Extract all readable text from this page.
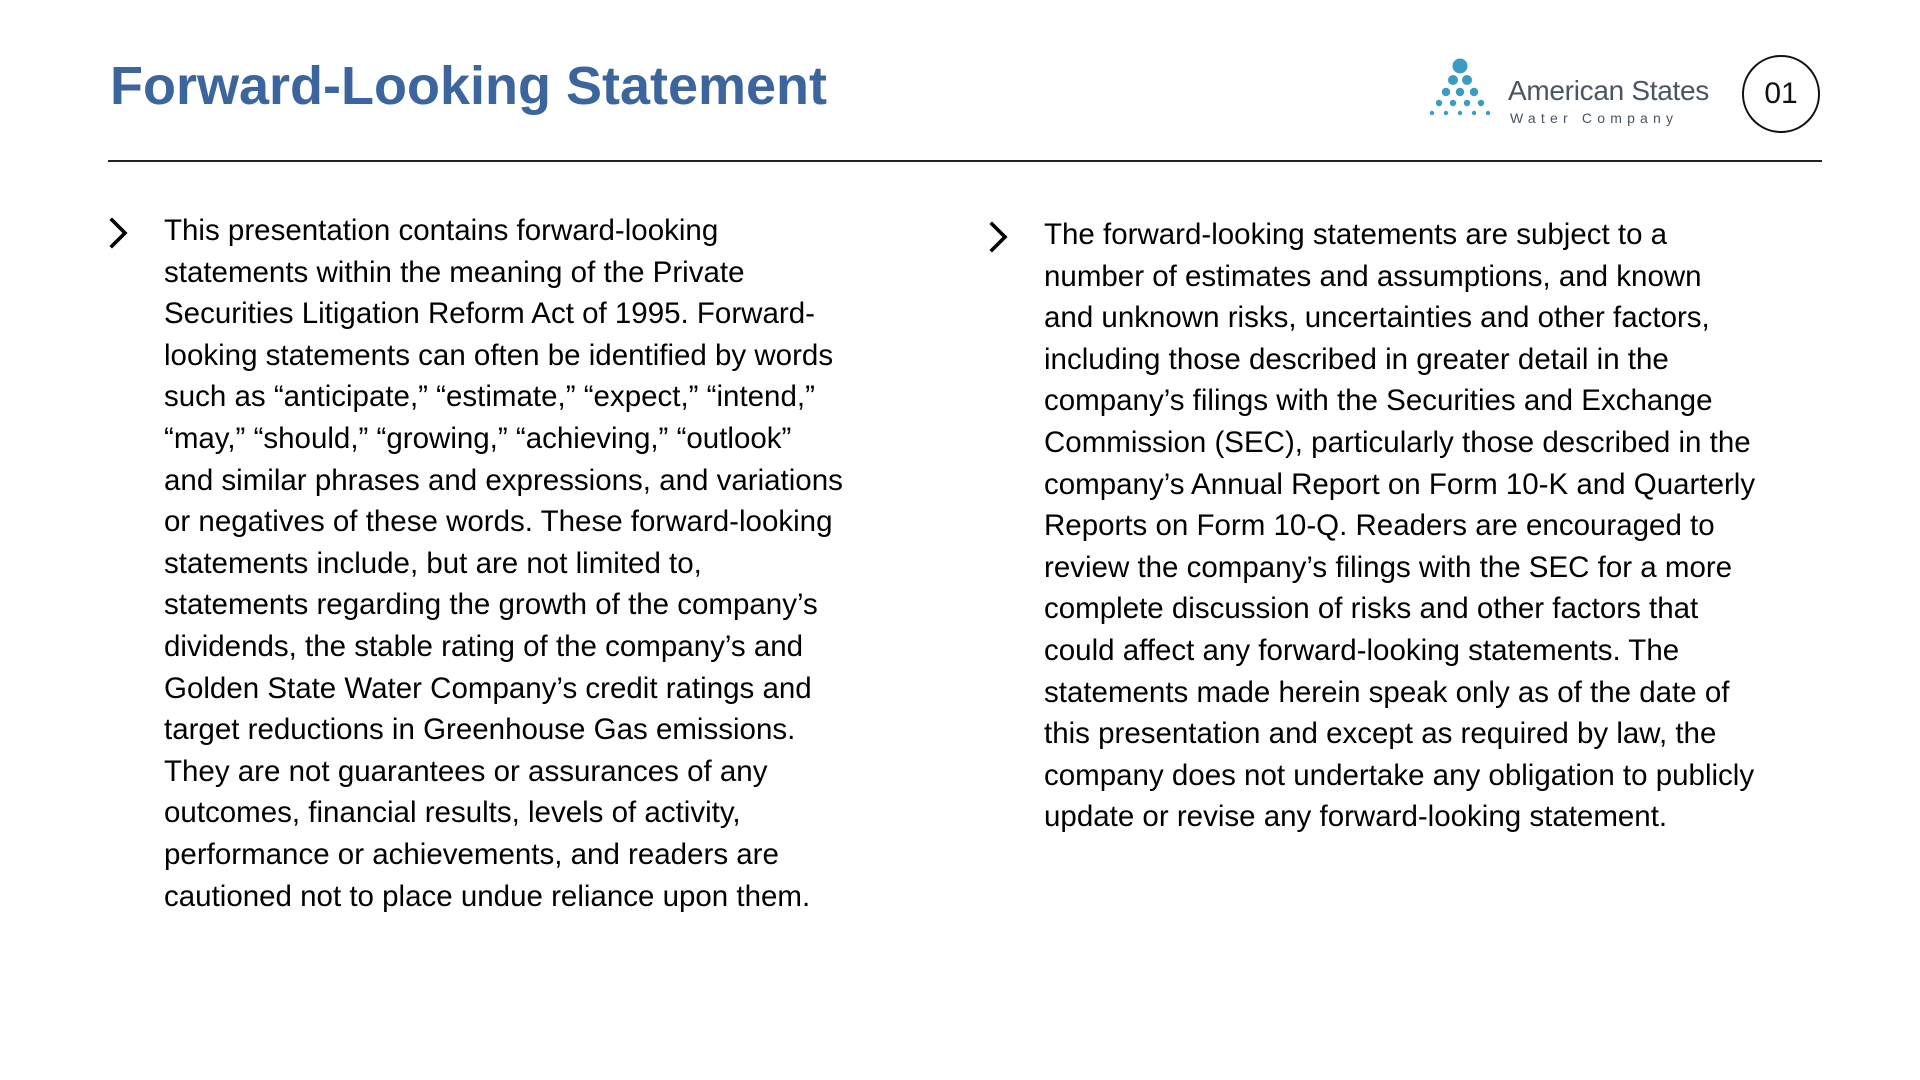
Forward-Looking Statement	American States
Water Company
01

This presentation contains forward-looking
statements within the meaning of the Private
Securities Litigation Reform Act of 1995. Forward-
looking statements can often be identified by words
such as “anticipate,” “estimate,” “expect,” “intend,”
“may,” “should,” “growing,” “achieving,” “outlook”
and similar phrases and expressions, and variations
or negatives of these words. These forward-looking
statements include, but are not limited to,
statements regarding the growth of the company’s
dividends, the stable rating of the company’s and
Golden State Water Company’s credit ratings and
target reductions in Greenhouse Gas emissions.
They are not guarantees or assurances of any
outcomes, financial results, levels of activity,
performance or achievements, and readers are
cautioned not to place undue reliance upon them.

The forward-looking statements are subject to a
number of estimates and assumptions, and known
and unknown risks, uncertainties and other factors,
including those described in greater detail in the
company’s filings with the Securities and Exchange
Commission (SEC), particularly those described in the
company’s Annual Report on Form 10-K and Quarterly
Reports on Form 10-Q. Readers are encouraged to
review the company’s filings with the SEC for a more
complete discussion of risks and other factors that
could affect any forward-looking statements. The
statements made herein speak only as of the date of
this presentation and except as required by law, the
company does not undertake any obligation to publicly
update or revise any forward-looking statement.
